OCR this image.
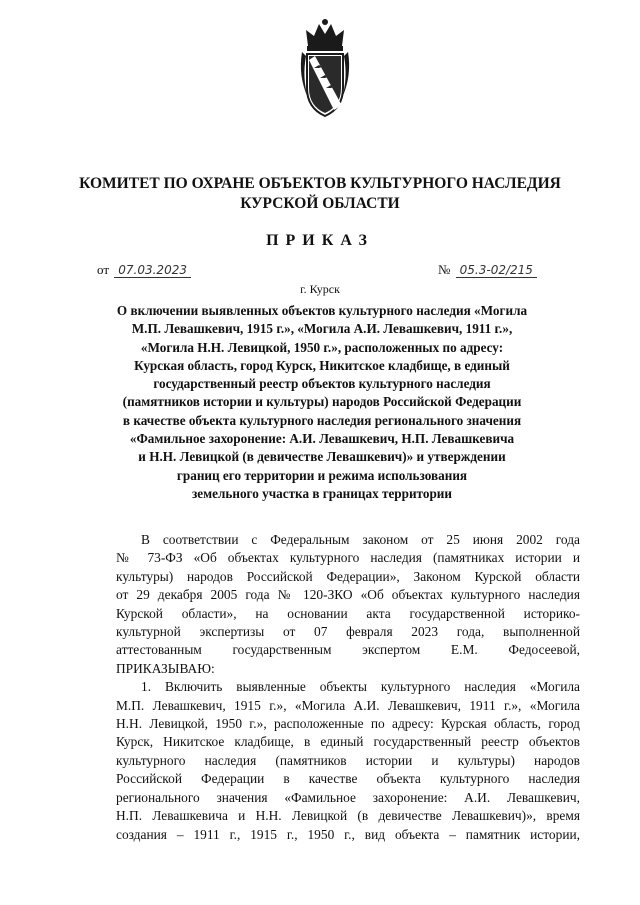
КОМИТЕТ ПО ОХРАНЕ ОБЪЕКТОВ КУЛЬТУРНОГО НАСЛЕДИЯ
КУРСКОЙ ОБЛАСТИ
ПРИКАЗ
от 07.03.2023	№ 05.3-02/215
г. Курск
О включении выявленных объектов культурного наследия «Могила
М.П. Левашкевич, 1915 г.», «Могила А.И. Левашкевич, 1911 г.»,
«Могила Н.Н. Левицкой, 1950 г.», расположенных по адресу:
Курская область, город Курск, Никитское кладбище, в единый
государственный реестр объектов культурного наследия
(памятников истории и культуры) народов Российской Федерации
в качестве объекта культурного наследия регионального значения
«Фамильное захоронение: А.И. Левашкевич, Н.П. Левашкевича
и Н.Н. Левицкой (в девичестве Левашкевич)» и утверждении
границ его территории и режима использования
земельного участка в границах территории
В соответствии с Федеральным законом от 25 июня 2002 года
№ 73-ФЗ «Об объектах культурного наследия (памятниках истории и
культуры) народов Российской Федерации», Законом Курской области
от 29 декабря 2005 года № 120-ЗКО «Об объектах культурного наследия
Курской области», на основании акта государственной историко-
культурной экспертизы от 07 февраля 2023 года, выполненной
аттестованным государственным экспертом Е.М. Федосеевой,
ПРИКАЗЫВАЮ:
1. Включить выявленные объекты культурного наследия «Могила
М.П. Левашкевич, 1915 г.», «Могила А.И. Левашкевич, 1911 г.», «Могила
Н.Н. Левицкой, 1950 г.», расположенные по адресу: Курская область, город
Курск, Никитское кладбище, в единый государственный реестр объектов
культурного наследия (памятников истории и культуры) народов
Российской Федерации в качестве объекта культурного наследия
регионального значения «Фамильное захоронение: А.И. Левашкевич,
Н.П. Левашкевича и Н.Н. Левицкой (в девичестве Левашкевич)», время
создания – 1911 г., 1915 г., 1950 г., вид объекта – памятник истории,
